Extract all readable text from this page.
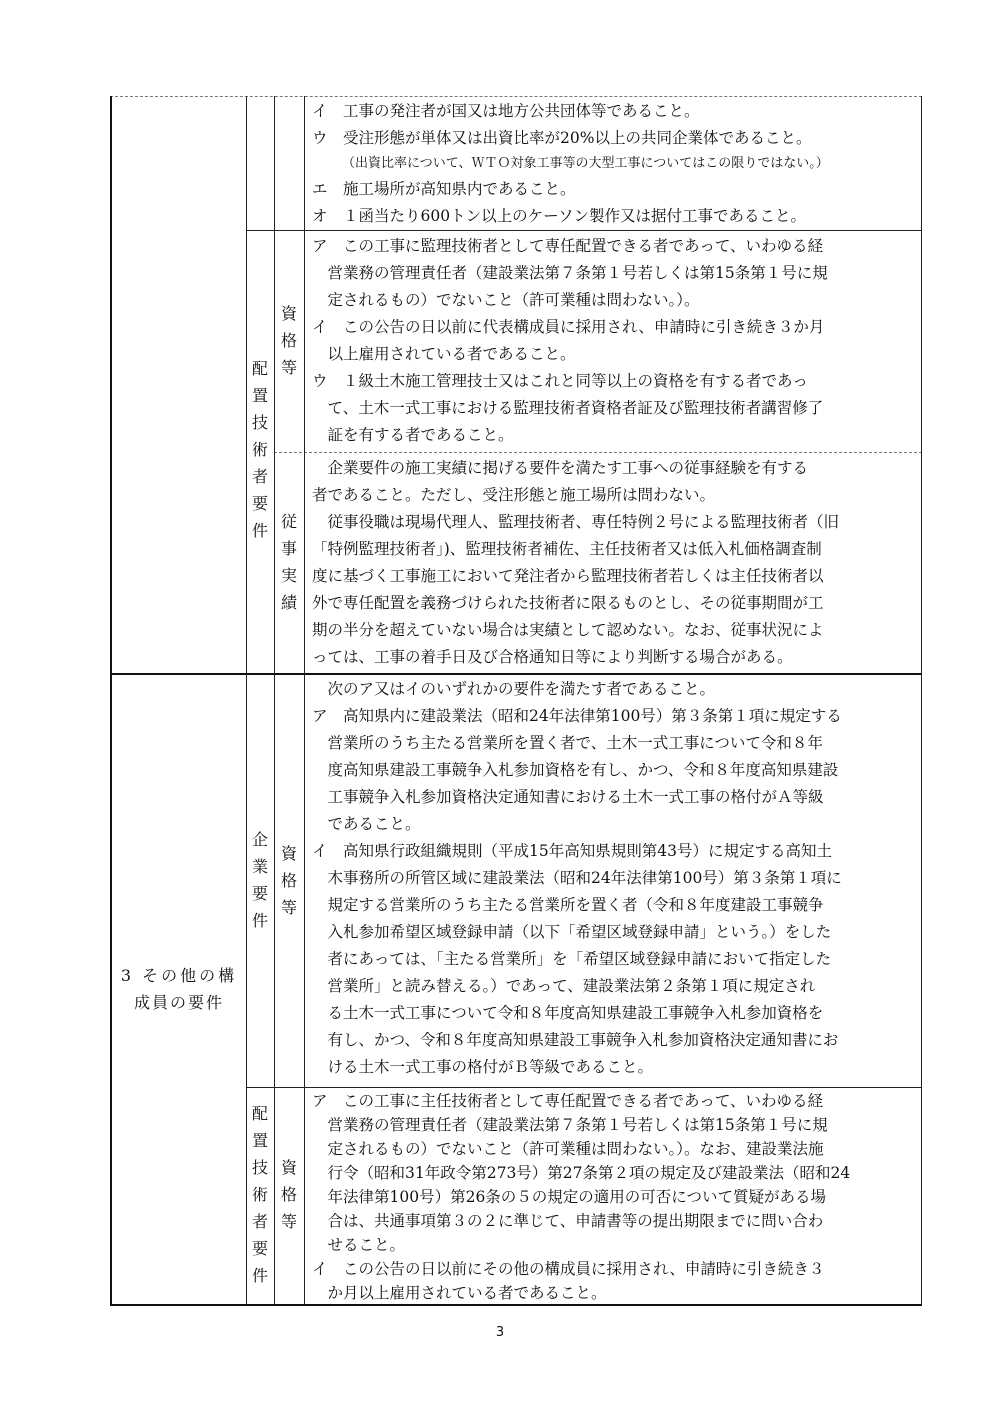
イ　工事の発注者が国又は地方公共団体等であること。

ウ　受注形態が単体又は出資比率が20%以上の共同企業体であること。

（出資比率について、ＷＴＯ対象工事等の大型工事についてはこの限りではない。）

エ　施工場所が高知県内であること。

オ　１函当たり600トン以上のケーソン製作又は据付工事であること。

配置技術者要件
資格等

ア　この工事に監理技術者として専任配置できる者であって、いわゆる経

　営業務の管理責任者（建設業法第７条第１号若しくは第15条第１号に規

　定されるもの）でないこと（許可業種は問わない。）。

イ　この公告の日以前に代表構成員に採用され、申請時に引き続き３か月

　以上雇用されている者であること。

ウ　１級土木施工管理技士又はこれと同等以上の資格を有する者であっ

　て、土木一式工事における監理技術者資格者証及び監理技術者講習修了

　証を有する者であること。

従事実績

　企業要件の施工実績に掲げる要件を満たす工事への従事経験を有する

者であること。ただし、受注形態と施工場所は問わない。

　従事役職は現場代理人、監理技術者、専任特例２号による監理技術者（旧

「特例監理技術者」)、監理技術者補佐、主任技術者又は低入札価格調査制

度に基づく工事施工において発注者から監理技術者若しくは主任技術者以

外で専任配置を義務づけられた技術者に限るものとし、その従事期間が工

期の半分を超えていない場合は実績として認めない。なお、従事状況によ

っては、工事の着手日及び合格通知日等により判断する場合がある。

3 その他の構

成員の要件

企業要件
資格等

　次のア又はイのいずれかの要件を満たす者であること。

ア　高知県内に建設業法（昭和24年法律第100号）第３条第１項に規定する

　営業所のうち主たる営業所を置く者で、土木一式工事について令和８年

　度高知県建設工事競争入札参加資格を有し、かつ、令和８年度高知県建設

　工事競争入札参加資格決定通知書における土木一式工事の格付がＡ等級

　であること。

イ　高知県行政組織規則（平成15年高知県規則第43号）に規定する高知土

　木事務所の所管区域に建設業法（昭和24年法律第100号）第３条第１項に

　規定する営業所のうち主たる営業所を置く者（令和８年度建設工事競争

　入札参加希望区域登録申請（以下「希望区域登録申請」という。）をした

　者にあっては、「主たる営業所」を「希望区域登録申請において指定した

　営業所」と読み替える。）であって、建設業法第２条第１項に規定され

　る土木一式工事について令和８年度高知県建設工事競争入札参加資格を

　有し、かつ、令和８年度高知県建設工事競争入札参加資格決定通知書にお

　ける土木一式工事の格付がＢ等級であること。

配置技術者要件
資格等

ア　この工事に主任技術者として専任配置できる者であって、いわゆる経

　営業務の管理責任者（建設業法第７条第１号若しくは第15条第１号に規

　定されるもの）でないこと（許可業種は問わない。）。なお、建設業法施

　行令（昭和31年政令第273号）第27条第２項の規定及び建設業法（昭和24

　年法律第100号）第26条の５の規定の適用の可否について質疑がある場

　合は、共通事項第３の２に準じて、申請書等の提出期限までに問い合わ

　せること。

イ　この公告の日以前にその他の構成員に採用され、申請時に引き続き３

　か月以上雇用されている者であること。

3
